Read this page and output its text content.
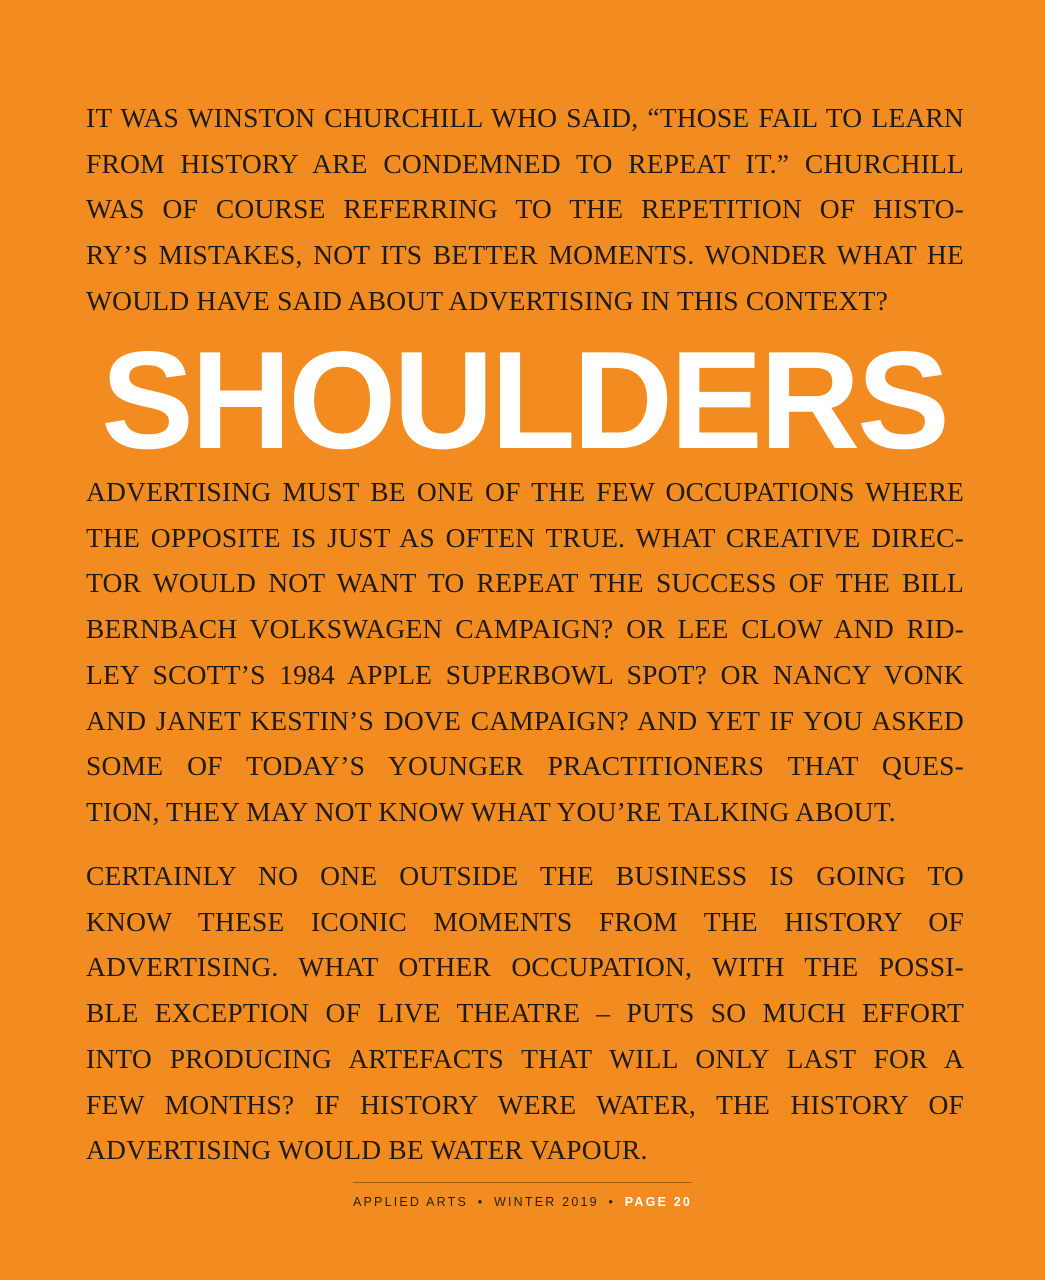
IT WAS WINSTON CHURCHILL WHO SAID, “THOSE FAIL TO LEARN
FROM HISTORY ARE CONDEMNED TO REPEAT IT.” CHURCHILL
WAS OF COURSE REFERRING TO THE REPETITION OF HISTO-
RY’S MISTAKES, NOT ITS BETTER MOMENTS. WONDER WHAT HE
WOULD HAVE SAID ABOUT ADVERTISING IN THIS CONTEXT?

SHOULDERS

ADVERTISING MUST BE ONE OF THE FEW OCCUPATIONS WHERE
THE OPPOSITE IS JUST AS OFTEN TRUE. WHAT CREATIVE DIREC-
TOR WOULD NOT WANT TO REPEAT THE SUCCESS OF THE BILL
BERNBACH VOLKSWAGEN CAMPAIGN? OR LEE CLOW AND RID-
LEY SCOTT’S 1984 APPLE SUPERBOWL SPOT? OR NANCY VONK
AND JANET KESTIN’S DOVE CAMPAIGN? AND YET IF YOU ASKED
SOME OF TODAY’S YOUNGER PRACTITIONERS THAT QUES-
TION, THEY MAY NOT KNOW WHAT YOU’RE TALKING ABOUT.

CERTAINLY NO ONE OUTSIDE THE BUSINESS IS GOING TO
KNOW THESE ICONIC MOMENTS FROM THE HISTORY OF
ADVERTISING. WHAT OTHER OCCUPATION, WITH THE POSSI-
BLE EXCEPTION OF LIVE THEATRE – PUTS SO MUCH EFFORT
INTO PRODUCING ARTEFACTS THAT WILL ONLY LAST FOR A
FEW MONTHS? IF HISTORY WERE WATER, THE HISTORY OF
ADVERTISING WOULD BE WATER VAPOUR.

APPLIED ARTS • WINTER 2019 • PAGE 20
